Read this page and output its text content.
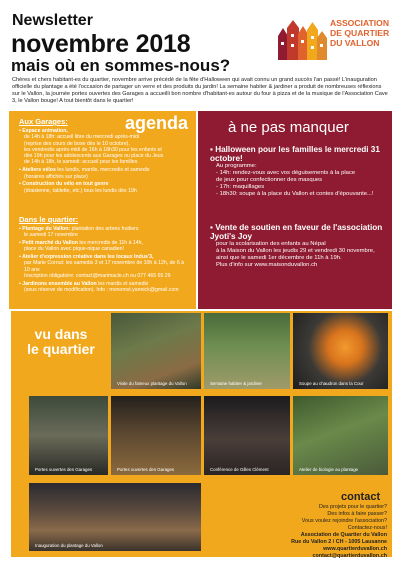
Newsletter
novembre 2018
mais où en sommes-nous?
ASSOCIATION DE QUARTIER DU VALLON
Chères et chers habitant-es du quartier, novembre arrive précédé de la fête d'Halloween qui avait connu un grand succès l'an passé! L'inauguration officielle du plantage a été l'occasion de partager un verre et des produits du jardin! La semaine habiter & jardiner a produit de nombreuses réflexions sur le Vallon, la journée portes ouvertes des Garages a accueilli bon nombre d'habitant-es autour du four à pizza et de la musique de l'Association Cave 3, le Vallon bouge! A tout bientôt dans le quartier!
agenda
Aux Garages:
▪ Espace animation,
de 14h à 18h: accueil libre du mercredi après-midi
(reprise des cours de boxe dès le 10 octobre),
les vendredis après-midi de 16h à 18h30 pour les enfants et
dès 19h pour les adolescents aux Garages ou place du Jeux
de 14h à 18h, le samedi: accueil pour les familles
▪ Ateliers vélos les lundis, mardis, mercredis et samedis
(horaires affichés sur place)
▪ Construction du vélo en tout genre
(draisienne, tablette, etc.) tous les lundis dès 19h
Dans le quartier:
▪ Plantage du Vallon: plantation des arbres fruitiers
le samedi 17 novembre
▪ Petit marché du Vallon les mercredis de 11h à 14h,
place du Vallon avec pique-nique canadien!
▪ Atelier d'expression créative dans les locaux Indus'3,
par Marie Cornut: les samedis 3 et 17 novembre de 10h à 12h, de 6 à 10 ans
Inscription obligatoire: contact@marimacle.ch ou 077 465 65 29
▪ Jardinons ensemble au Vallon les mardis et samedis
(sous réserve de modification). Info : monomst.yannick@gmail.com
à ne pas manquer
▪ Halloween pour les familles le mercredi 31 octobre!
Au programme:
- 14h: rendez-vous avec vos déguisements à la place
de jeux pour confectionner des masques
- 17h: maquillages
- 18h30: soupe à la place du Vallon et contes d'épouvante...!
▪ Vente de soutien en faveur de l'association Jyoti's Joy
pour la scolarisation des enfants au Népal
à la Maison du Vallon les jeudis 29 et vendredi 30 novembre,
ainsi que le samedi 1er décembre de 11h à 19h.
Plus d'info sur www.maisonduvallon.ch
vu dans le quartier
Visite du fameux plantage du Vallon	Semaine habiter & jardiner	Soupe au chaudron dans la Cour
Portes ouvertes des Garages	Portes ouvertes des Garages	Conférence de Gilles Clément	Atelier de biologie au plantage
Inauguration du plantage du Vallon
contact
Des projets pour le quartier?
Des infos à faire passer?
Vous voulez rejoindre l'association?
Contactez-nous!
Association de Quartier du Vallon
Rue du Vallon 2 / CH - 1005 Lausanne
www.quartierduvallon.ch
contact@quartierduvallon.ch
